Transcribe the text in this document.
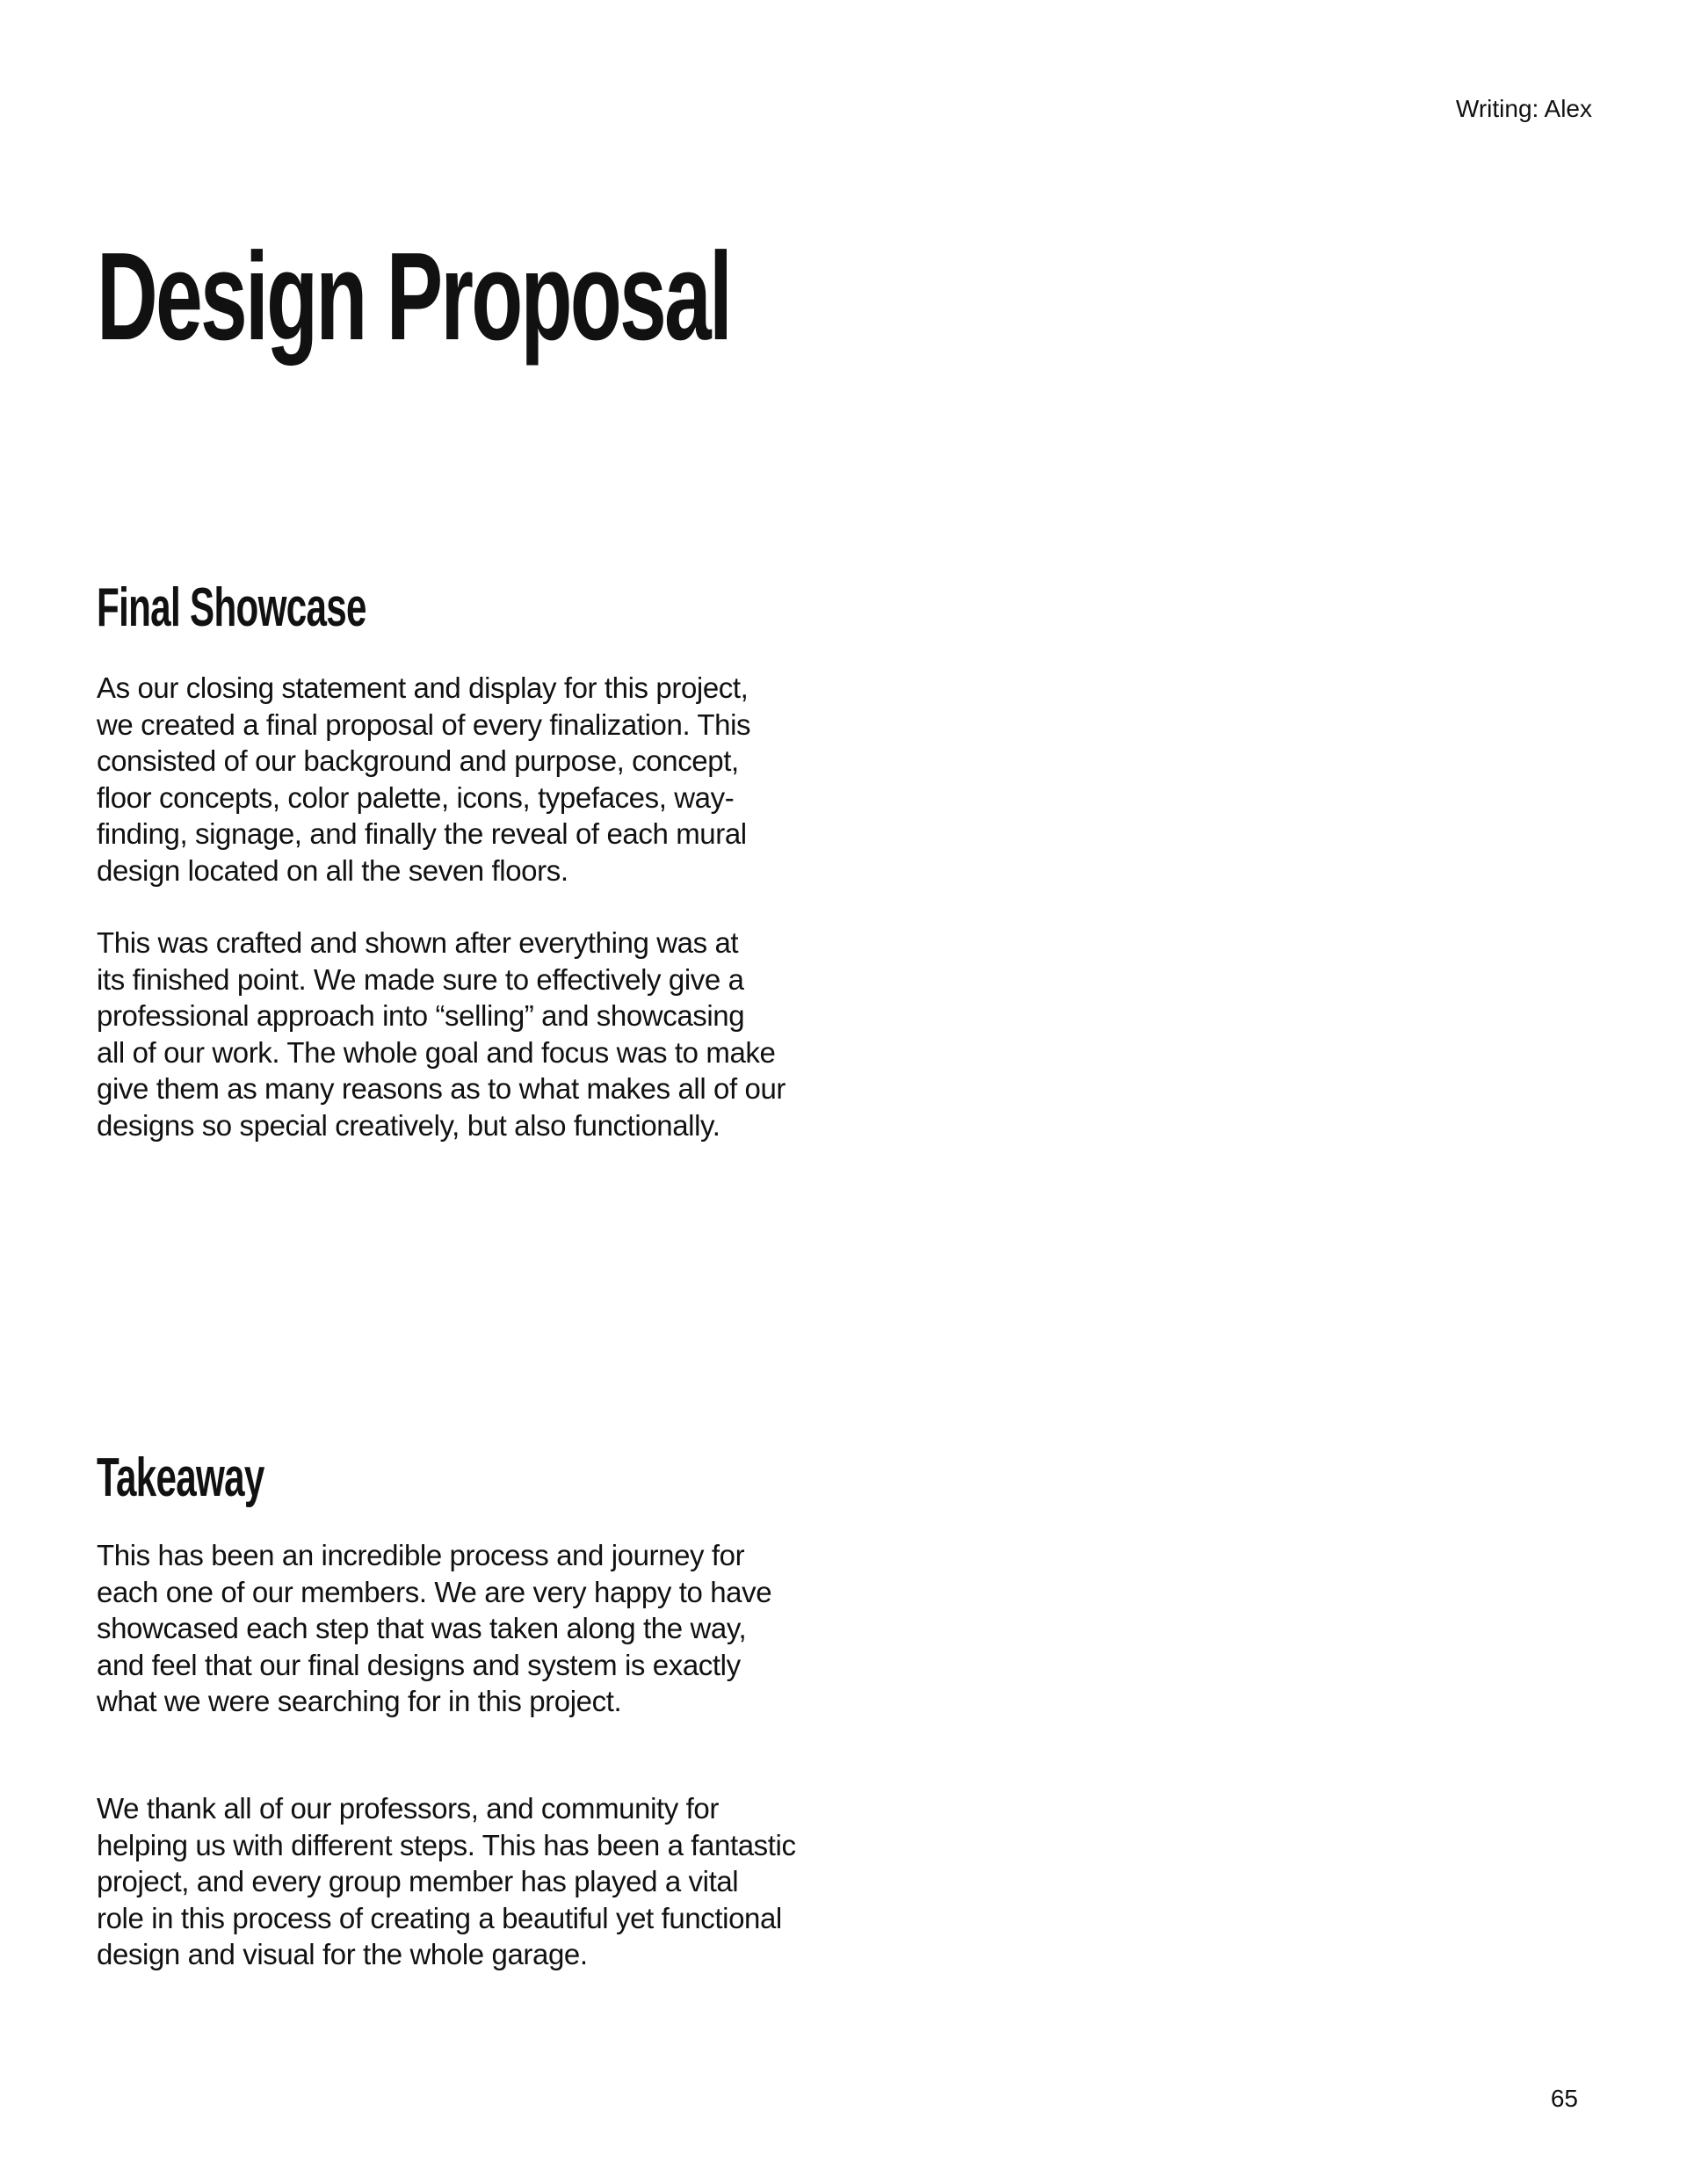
Writing: Alex
Design Proposal
Final Showcase

As our closing statement and display for this project,
we created a final proposal of every finalization. This
consisted of our background and purpose, concept,
floor concepts, color palette, icons, typefaces, way-
finding, signage, and finally the reveal of each mural
design located on all the seven floors.

This was crafted and shown after everything was at
its finished point. We made sure to effectively give a
professional approach into “selling” and showcasing
all of our work. The whole goal and focus was to make
give them as many reasons as to what makes all of our
designs so special creatively, but also functionally.

Takeaway

This has been an incredible process and journey for
each one of our members. We are very happy to have
showcased each step that was taken along the way,
and feel that our final designs and system is exactly
what we were searching for in this project.

We thank all of our professors, and community for
helping us with different steps. This has been a fantastic
project, and every group member has played a vital
role in this process of creating a beautiful yet functional
design and visual for the whole garage.

65
